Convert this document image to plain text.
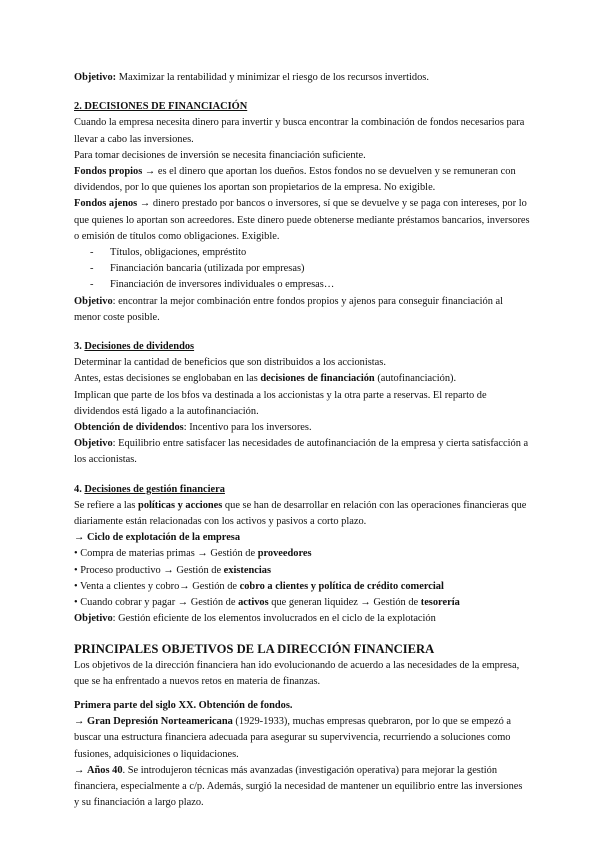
Objetivo: Maximizar la rentabilidad y minimizar el riesgo de los recursos invertidos.

2. DECISIONES DE FINANCIACIÓN

Cuando la empresa necesita dinero para invertir y busca encontrar la combinación de fondos necesarios para llevar a cabo las inversiones.

Para tomar decisiones de inversión se necesita financiación suficiente.

Fondos propios → es el dinero que aportan los dueños. Estos fondos no se devuelven y se remuneran con dividendos, por lo que quienes los aportan son propietarios de la empresa. No exigible.

Fondos ajenos → dinero prestado por bancos o inversores, sí que se devuelve y se paga con intereses, por lo que quienes lo aportan son acreedores. Este dinero puede obtenerse mediante préstamos bancarios, inversores o emisión de títulos como obligaciones. Exigible.

- Títulos, obligaciones, empréstito
- Financiación bancaria (utilizada por empresas)
- Financiación de inversores individuales o empresas…

Objetivo: encontrar la mejor combinación entre fondos propios y ajenos para conseguir financiación al menor coste posible.

3. Decisiones de dividendos

Determinar la cantidad de beneficios que son distribuidos a los accionistas.

Antes, estas decisiones se englobaban en las decisiones de financiación (autofinanciación).

Implican que parte de los bfos va destinada a los accionistas y la otra parte a reservas. El reparto de dividendos está ligado a la autofinanciación.

Obtención de dividendos: Incentivo para los inversores.

Objetivo: Equilibrio entre satisfacer las necesidades de autofinanciación de la empresa y cierta satisfacción a los accionistas.

4. Decisiones de gestión financiera

Se refiere a las políticas y acciones que se han de desarrollar en relación con las operaciones financieras que diariamente están relacionadas con los activos y pasivos a corto plazo.

→ Ciclo de explotación de la empresa

• Compra de materias primas → Gestión de proveedores

• Proceso productivo → Gestión de existencias

• Venta a clientes y cobro→ Gestión de cobro a clientes y política de crédito comercial

• Cuando cobrar y pagar → Gestión de activos que generan liquidez → Gestión de tesorería

Objetivo: Gestión eficiente de los elementos involucrados en el ciclo de la explotación

PRINCIPALES OBJETIVOS DE LA DIRECCIÓN FINANCIERA

Los objetivos de la dirección financiera han ido evolucionando de acuerdo a las necesidades de la empresa, que se ha enfrentado a nuevos retos en materia de finanzas.

Primera parte del siglo XX. Obtención de fondos.

→ Gran Depresión Norteamericana (1929-1933), muchas empresas quebraron, por lo que se empezó a buscar una estructura financiera adecuada para asegurar su supervivencia, recurriendo a soluciones como fusiones, adquisiciones o liquidaciones.

→ Años 40. Se introdujeron técnicas más avanzadas (investigación operativa) para mejorar la gestión financiera, especialmente a c/p. Además, surgió la necesidad de mantener un equilibrio entre las inversiones y su financiación a largo plazo.
